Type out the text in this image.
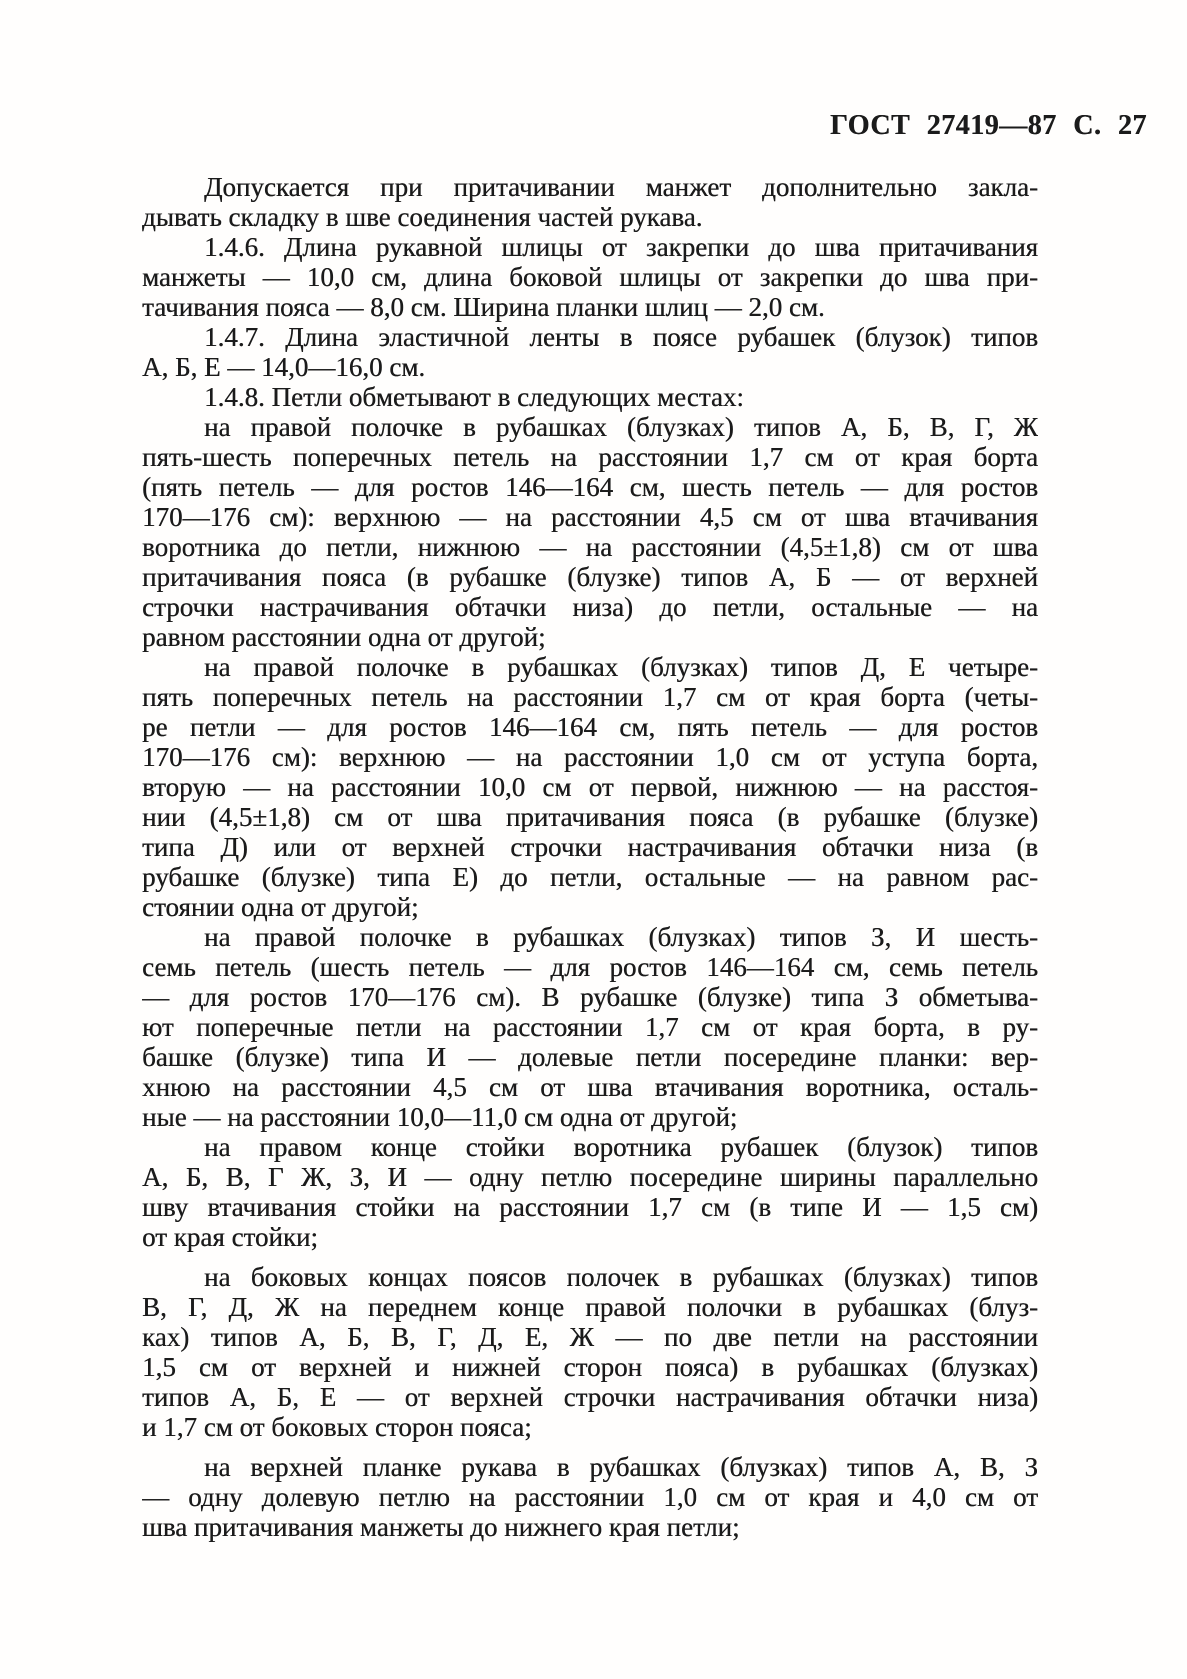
ГОСТ 27419—87 С. 27
Допускается при притачивании манжет дополнительно закла-
дывать складку в шве соединения частей рукава.
1.4.6. Длина рукавной шлицы от закрепки до шва притачивания
манжеты — 10,0 см, длина боковой шлицы от закрепки до шва при-
тачивания пояса — 8,0 см. Ширина планки шлиц — 2,0 см.
1.4.7. Длина эластичной ленты в поясе рубашек (блузок) типов
А, Б, Е — 14,0—16,0 см.
1.4.8. Петли обметывают в следующих местах:
на правой полочке в рубашках (блузках) типов А, Б, В, Г, Ж
пять-шесть поперечных петель на расстоянии 1,7 см от края борта
(пять петель — для ростов 146—164 см, шесть петель — для ростов
170—176 см): верхнюю — на расстоянии 4,5 см от шва втачивания
воротника до петли, нижнюю — на расстоянии (4,5±1,8) см от шва
притачивания пояса (в рубашке (блузке) типов А, Б — от верхней
строчки настрачивания обтачки низа) до петли, остальные — на
равном расстоянии одна от другой;
на правой полочке в рубашках (блузках) типов Д, Е четыре-
пять поперечных петель на расстоянии 1,7 см от края борта (четы-
ре петли — для ростов 146—164 см, пять петель — для ростов
170—176 см): верхнюю — на расстоянии 1,0 см от уступа борта,
вторую — на расстоянии 10,0 см от первой, нижнюю — на расстоя-
нии (4,5±1,8) см от шва притачивания пояса (в рубашке (блузке)
типа Д) или от верхней строчки настрачивания обтачки низа (в
рубашке (блузке) типа Е) до петли, остальные — на равном рас-
стоянии одна от другой;
на правой полочке в рубашках (блузках) типов З, И шесть-
семь петель (шесть петель — для ростов 146—164 см, семь петель
— для ростов 170—176 см). В рубашке (блузке) типа З обметыва-
ют поперечные петли на расстоянии 1,7 см от края борта, в ру-
башке (блузке) типа И — долевые петли посередине планки: вер-
хнюю на расстоянии 4,5 см от шва втачивания воротника, осталь-
ные — на расстоянии 10,0—11,0 см одна от другой;
на правом конце стойки воротника рубашек (блузок) типов
А, Б, В, Г Ж, З, И — одну петлю посередине ширины параллельно
шву втачивания стойки на расстоянии 1,7 см (в типе И — 1,5 см)
от края стойки;
на боковых концах поясов полочек в рубашках (блузках) типов
В, Г, Д, Ж на переднем конце правой полочки в рубашках (блуз-
ках) типов А, Б, В, Г, Д, Е, Ж — по две петли на расстоянии
1,5 см от верхней и нижней сторон пояса) в рубашках (блузках)
типов А, Б, Е — от верхней строчки настрачивания обтачки низа)
и 1,7 см от боковых сторон пояса;
на верхней планке рукава в рубашках (блузках) типов А, В, З
— одну долевую петлю на расстоянии 1,0 см от края и 4,0 см от
шва притачивания манжеты до нижнего края петли;
